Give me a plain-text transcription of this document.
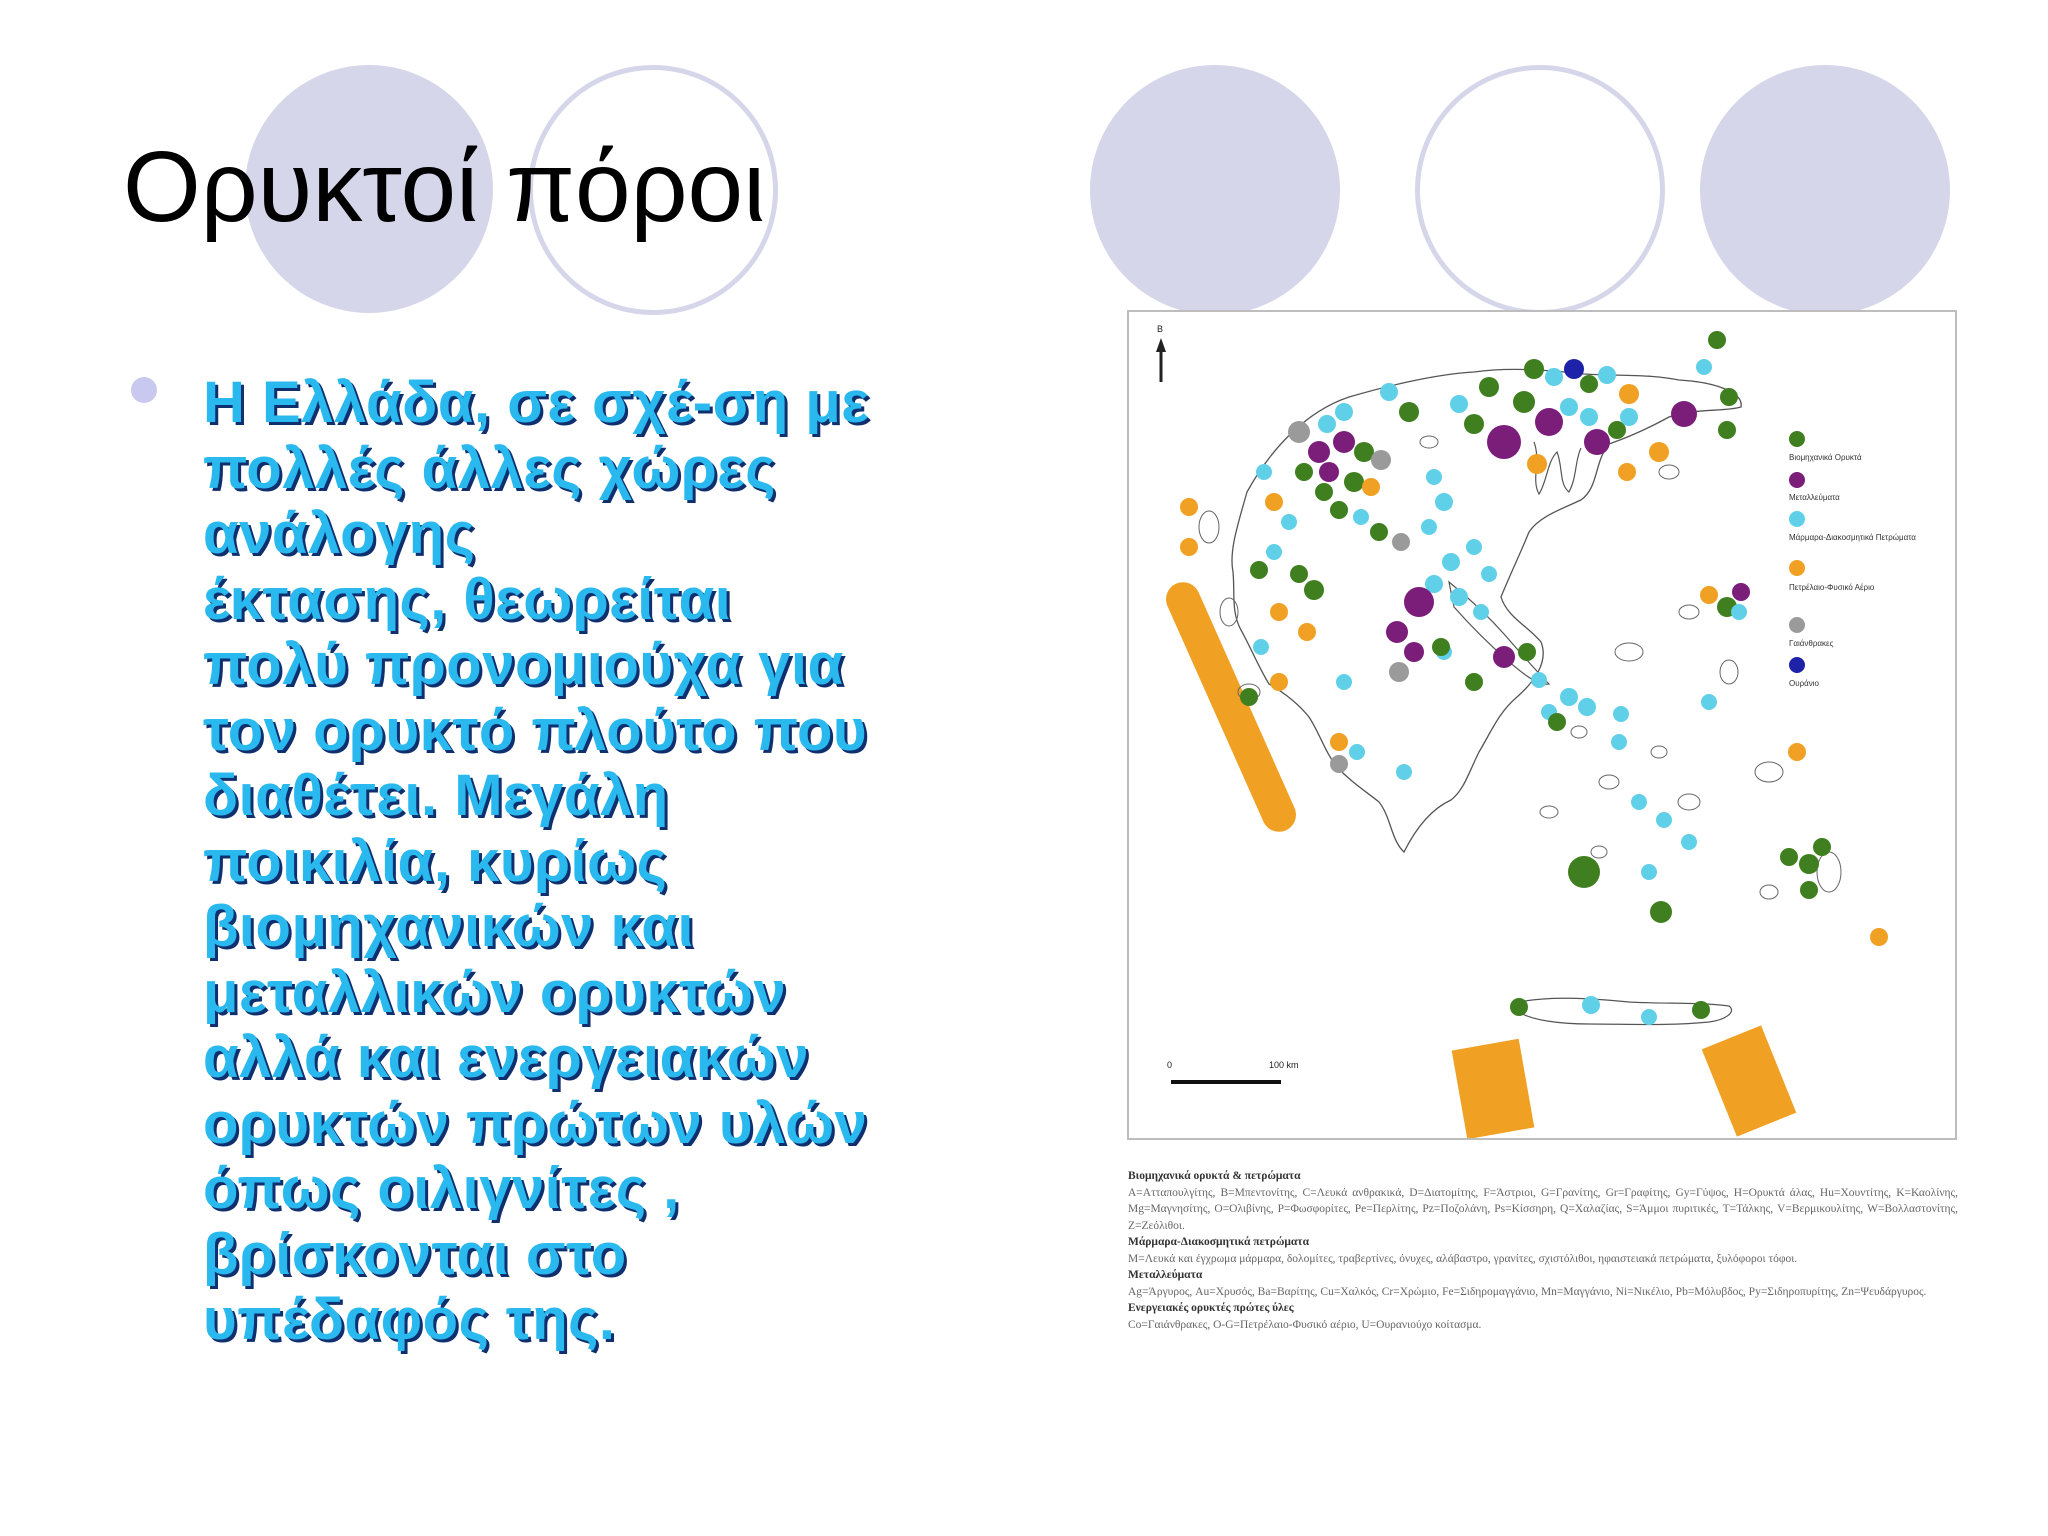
Ορυκτοί πόροι
Η Ελλάδα, σε σχέ-ση με
πολλές άλλες χώρες
ανάλογης
έκτασης, θεωρείται
πολύ προνομιούχα για
τον ορυκτό πλούτο που
διαθέτει. Μεγάλη
ποικιλία, κυρίως
βιομηχανικών και
μεταλλικών ορυκτών
αλλά και ενεργειακών
ορυκτών πρώτων υλών
όπως οιλιγνίτες ,
βρίσκονται στο
υπέδαφός της.
Β
0	100 km
Βιομηχανικά Ορυκτά
Μεταλλεύματα
Μάρμαρα-Διακοσμητικά Πετρώματα
Πετρέλαιο-Φυσικό Αέριο
Γαιάνθρακες
Ουράνιο
Βιομηχανικά ορυκτά & πετρώματα
Α=Ατταπουλγίτης, Β=Μπεντονίτης, C=Λευκά ανθρακικά, D=Διατομίτης, F=Άστριοι, G=Γρανίτης, Gr=Γραφίτης, Gy=Γύψος, H=Ορυκτά άλας, Hu=Χουντίτης, K=Καολίνης, Mg=Μαγνησίτης, O=Ολιβίνης, P=Φωσφορίτες, Pe=Περλίτης, Pz=Ποζολάνη, Ps=Κίσσηρη, Q=Χαλαζίας, S=Άμμοι πυριτικές, T=Τάλκης, V=Βερμικουλίτης, W=Βολλαστονίτης, Z=Ζεόλιθοι.
Μάρμαρα-Διακοσμητικά πετρώματα
M=Λευκά και έγχρωμα μάρμαρα, δολομίτες, τραβερτίνες, όνυχες, αλάβαστρο, γρανίτες, σχιστόλιθοι, ηφαιστειακά πετρώματα, ξυλόφοροι τόφοι.
Μεταλλεύματα
Ag=Άργυρος, Au=Χρυσός, Ba=Βαρίτης, Cu=Χαλκός, Cr=Χρώμιο, Fe=Σιδηρομαγγάνιο, Mn=Μαγγάνιο, Ni=Νικέλιο, Pb=Μόλυβδος, Py=Σιδηροπυρίτης, Zn=Ψευδάργυρος.
Ενεργειακές ορυκτές πρώτες ύλες
Co=Γαιάνθρακες, O-G=Πετρέλαιο-Φυσικό αέριο, U=Ουρανιούχο κοίτασμα.
